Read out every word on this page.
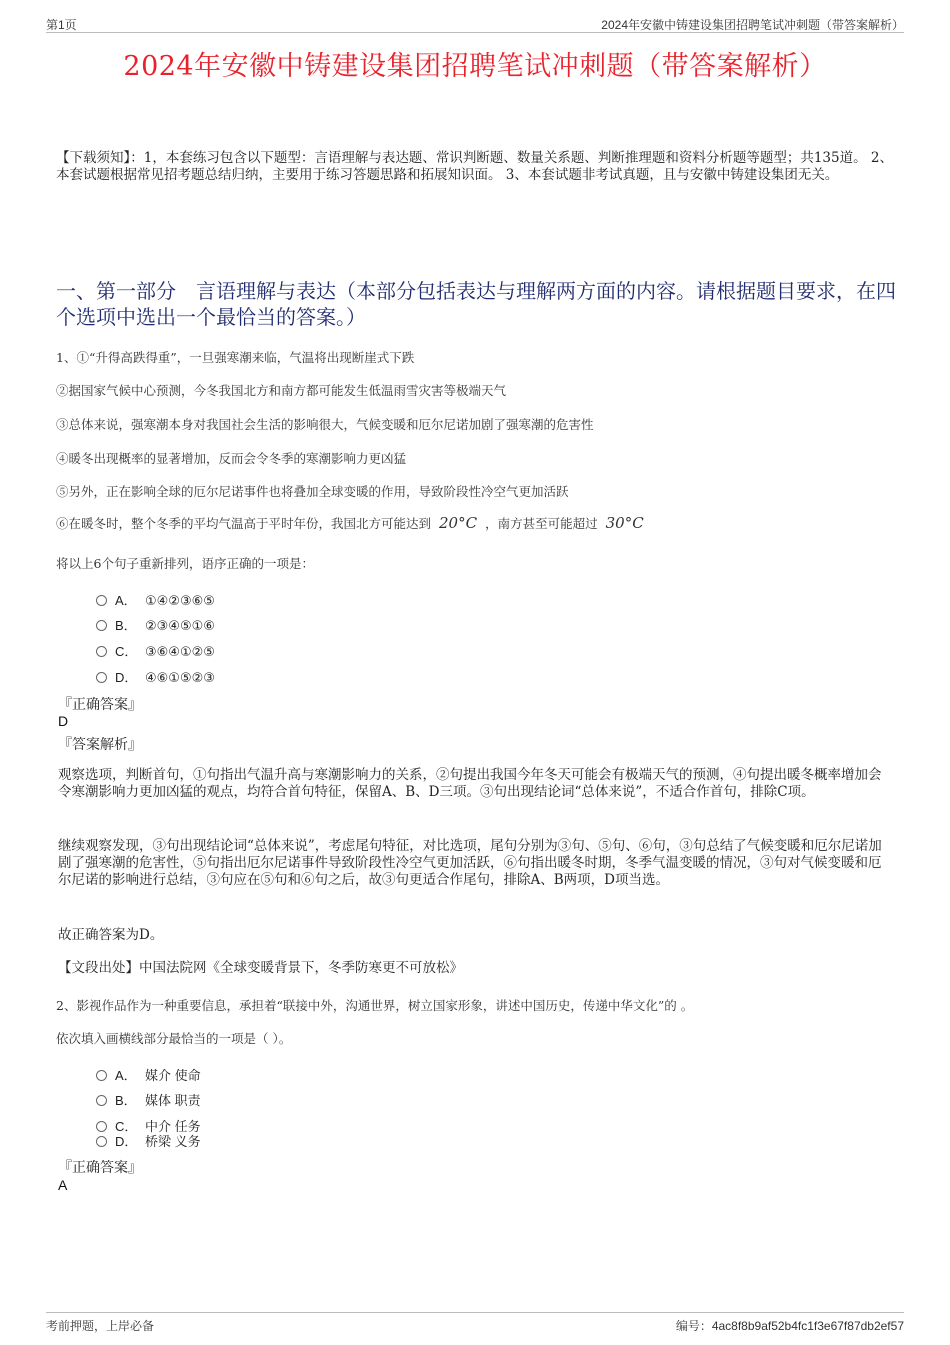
第1页	2024年安徽中铸建设集团招聘笔试冲刺题（带答案解析）
2024年安徽中铸建设集团招聘笔试冲刺题（带答案解析）
【下载须知】：1，本套练习包含以下题型：言语理解与表达题、常识判断题、数量关系题、判断推理题和资料分析题等题型；共135道。 2、本套试题根据常见招考题总结归纳，主要用于练习答题思路和拓展知识面。 3、本套试题非考试真题，且与安徽中铸建设集团无关。
一、第一部分　言语理解与表达（本部分包括表达与理解两方面的内容。请根据题目要求，在四个选项中选出一个最恰当的答案。）
1、①“升得高跌得重”，一旦强寒潮来临，气温将出现断崖式下跌
②据国家气候中心预测，今冬我国北方和南方都可能发生低温雨雪灾害等极端天气
③总体来说，强寒潮本身对我国社会生活的影响很大，气候变暖和厄尔尼诺加剧了强寒潮的危害性
④暖冬出现概率的显著增加，反而会令冬季的寒潮影响力更凶猛
⑤另外，正在影响全球的厄尔尼诺事件也将叠加全球变暖的作用，导致阶段性冷空气更加活跃
⑥在暖冬时，整个冬季的平均气温高于平时年份，我国北方可能达到 20°C ，南方甚至可能超过 30°C
将以上6个句子重新排列，语序正确的一项是：
A． ①④②③⑥⑤
B． ②③④⑤①⑥
C． ③⑥④①②⑤
D． ④⑥①⑤②③
『正确答案』
D
『答案解析』
观察选项，判断首句，①句指出气温升高与寒潮影响力的关系，②句提出我国今年冬天可能会有极端天气的预测，④句提出暖冬概率增加会令寒潮影响力更加凶猛的观点，均符合首句特征，保留A、B、D三项。③句出现结论词“总体来说”，不适合作首句，排除C项。
继续观察发现，③句出现结论词“总体来说”，考虑尾句特征，对比选项，尾句分别为③句、⑤句、⑥句，③句总结了气候变暖和厄尔尼诺加剧了强寒潮的危害性，⑤句指出厄尔尼诺事件导致阶段性冷空气更加活跃，⑥句指出暖冬时期，冬季气温变暖的情况，③句对气候变暖和厄尔尼诺的影响进行总结，③句应在⑤句和⑥句之后，故③句更适合作尾句，排除A、B两项，D项当选。
故正确答案为D。
【文段出处】中国法院网《全球变暖背景下，冬季防寒更不可放松》
2、影视作品作为一种重要信息，承担着“联接中外，沟通世界，树立国家形象，讲述中国历史，传递中华文化”的 。
依次填入画横线部分最恰当的一项是（ ）。
A． 媒介 使命
B． 媒体 职责
C． 中介 任务
D． 桥梁 义务
『正确答案』
A
考前押题，上岸必备	编号：4ac8f8b9af52b4fc1f3e67f87db2ef57
